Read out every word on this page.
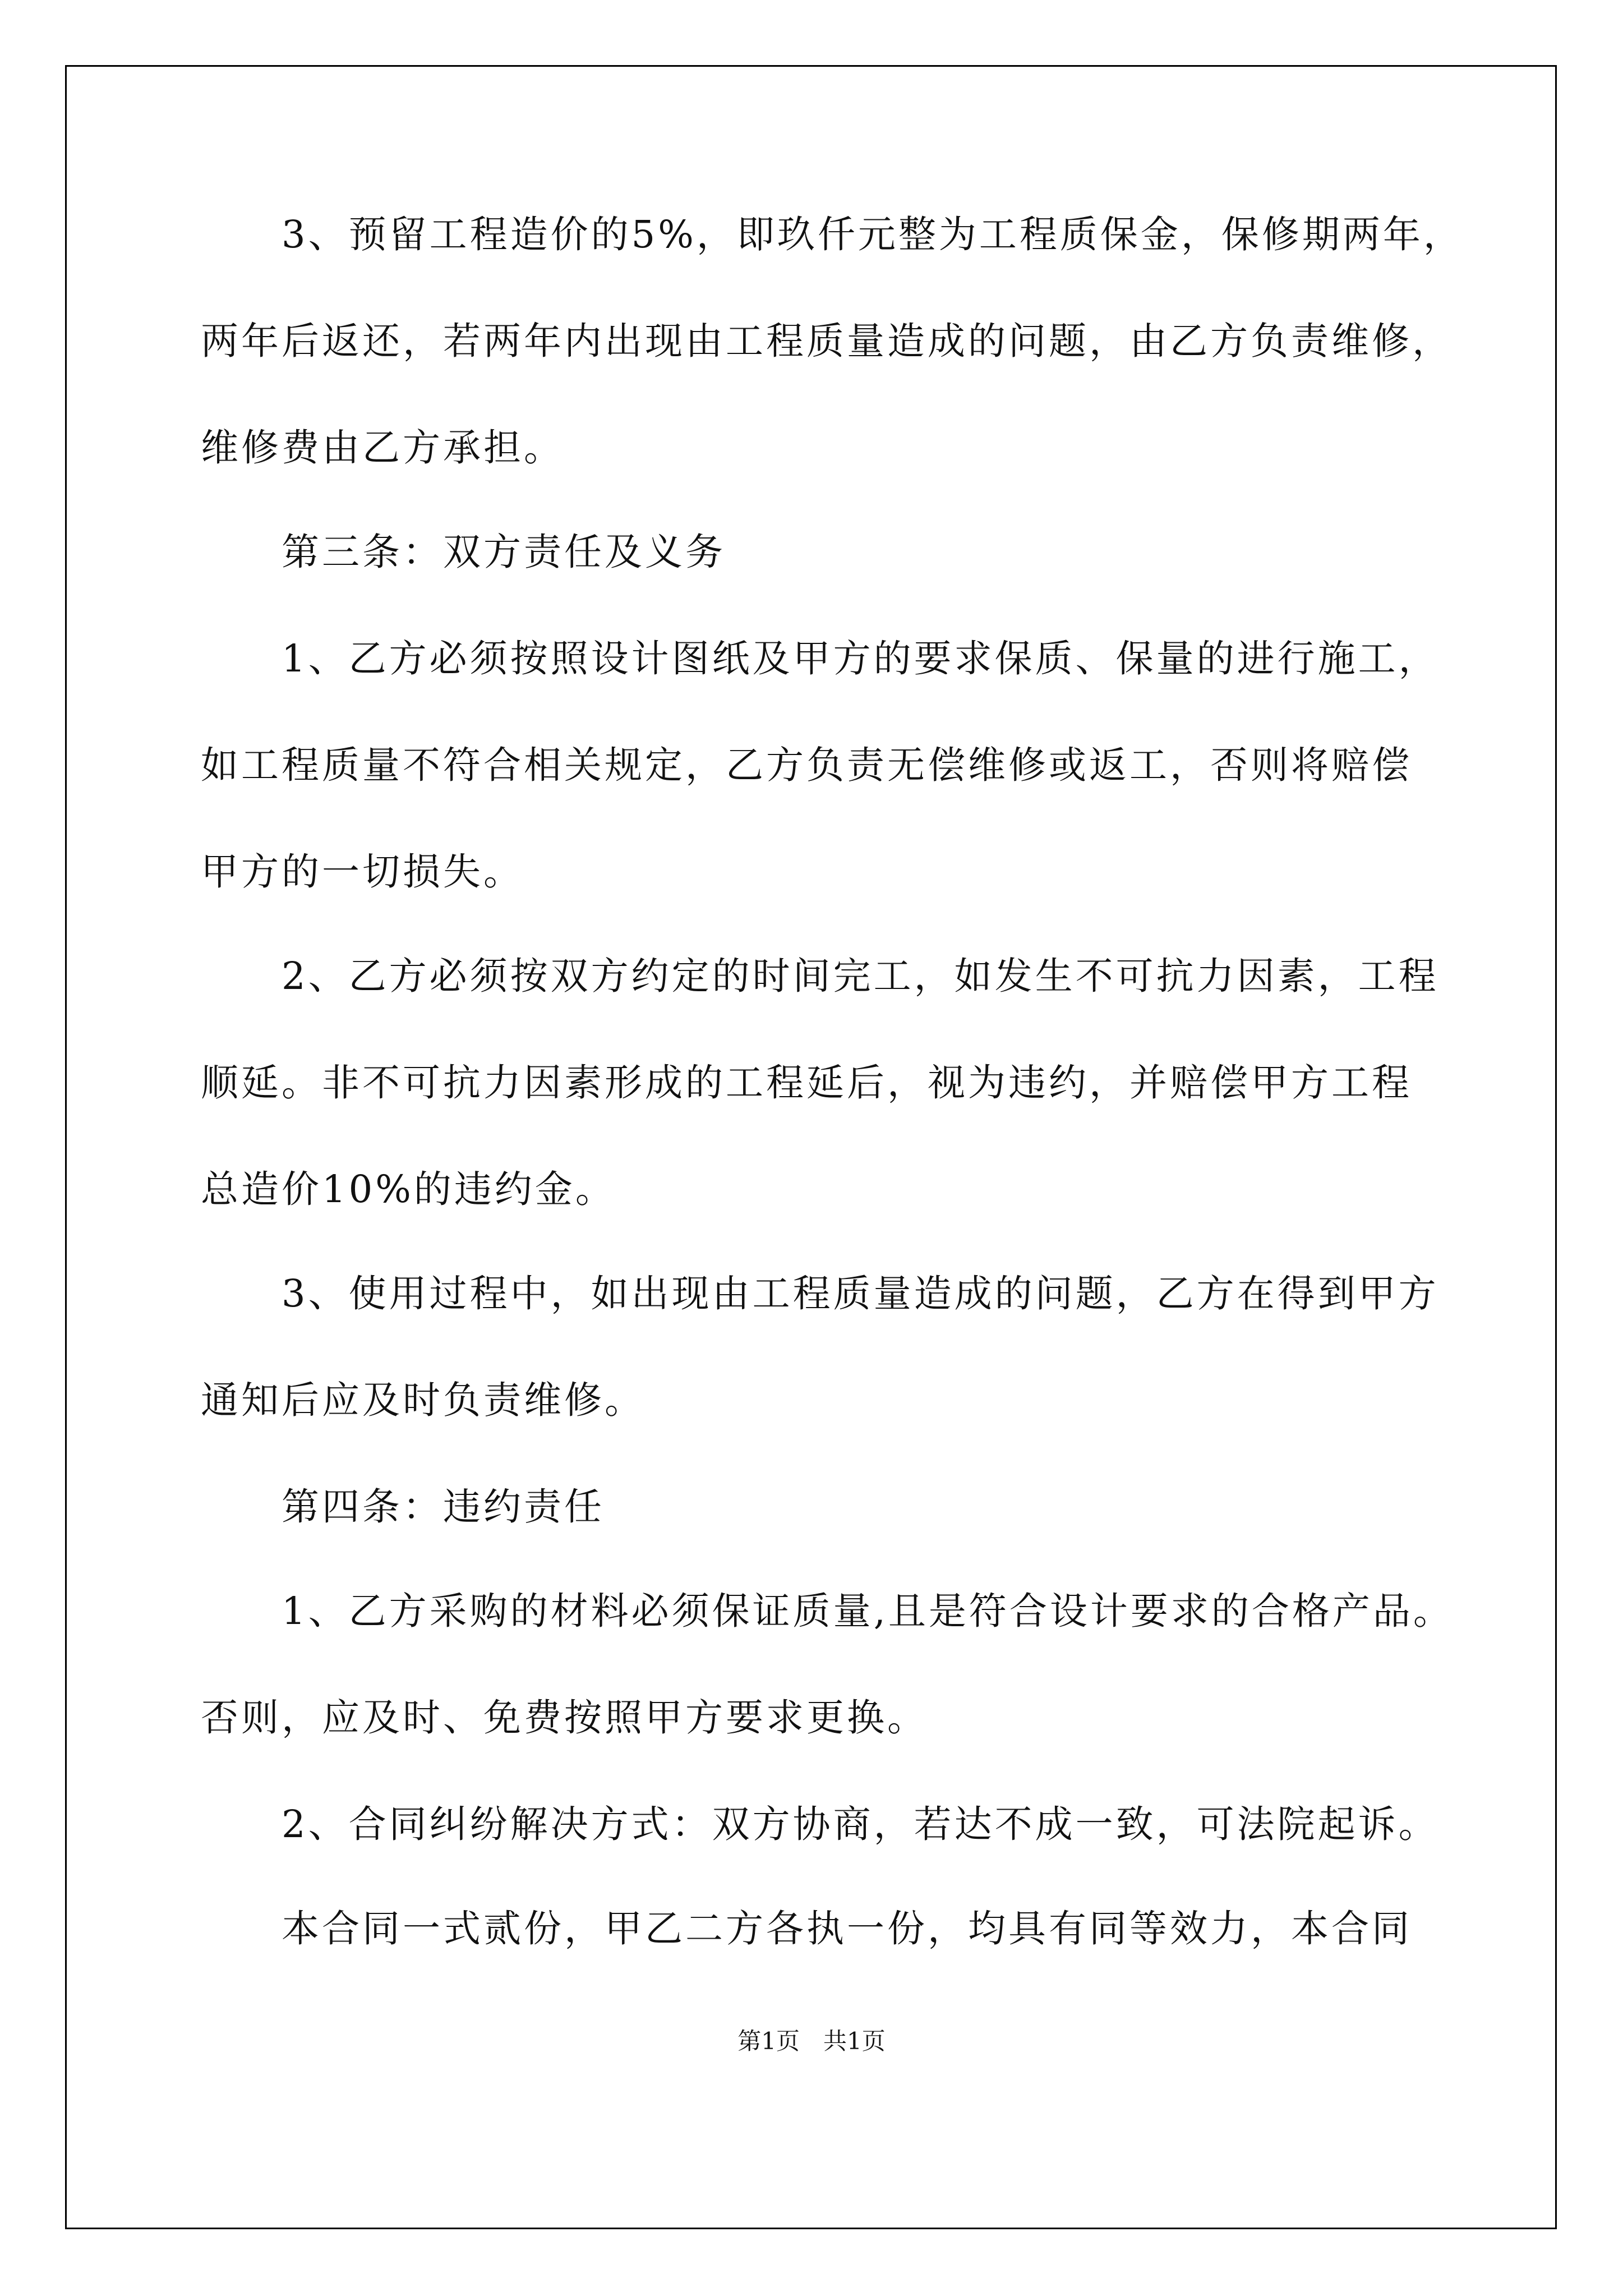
　　3、预留工程造价的5%，即玖仟元整为工程质保金，保修期两年，
两年后返还，若两年内出现由工程质量造成的问题，由乙方负责维修，
维修费由乙方承担。
　　第三条：双方责任及义务
　　1、乙方必须按照设计图纸及甲方的要求保质、保量的进行施工，
如工程质量不符合相关规定，乙方负责无偿维修或返工，否则将赔偿
甲方的一切损失。
　　2、乙方必须按双方约定的时间完工，如发生不可抗力因素，工程
顺延。非不可抗力因素形成的工程延后，视为违约，并赔偿甲方工程
总造价10%的违约金。
　　3、使用过程中，如出现由工程质量造成的问题，乙方在得到甲方
通知后应及时负责维修。
　　第四条：违约责任
　　1、乙方采购的材料必须保证质量,且是符合设计要求的合格产品。
否则，应及时、免费按照甲方要求更换。
　　2、合同纠纷解决方式：双方协商，若达不成一致，可法院起诉。
　　本合同一式贰份，甲乙二方各执一份，均具有同等效力，本合同
第1页　共1页
